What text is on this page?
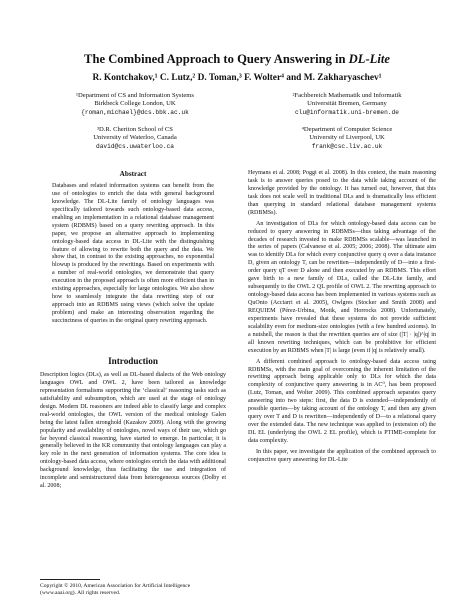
The Combined Approach to Query Answering in DL-Lite
R. Kontchakov,¹ C. Lutz,² D. Toman,³ F. Wolter⁴ and M. Zakharyaschev¹
¹Department of CS and Information Systems
Birkbeck College London, UK
{roman,michael}@dcs.bbk.ac.uk
²Fachbereich Mathematik und Informatik
Universität Bremen, Germany
clu@informatik.uni-bremen.de
³D.R. Cheriton School of CS
University of Waterloo, Canada
david@cs.uwaterloo.ca
⁴Department of Computer Science
University of Liverpool, UK
frank@csc.liv.ac.uk
Abstract

Databases and related information systems can benefit from the use of ontologies to enrich the data with general background knowledge. The DL-Lite family of ontology languages was specifically tailored towards such ontology-based data access, enabling an implementation in a relational database management system (RDBMS) based on a query rewriting approach. In this paper, we propose an alternative approach to implementing ontology-based data access in DL-Lite with the distinguishing feature of allowing to rewrite both the query and the data. We show that, in contrast to the existing approaches, no exponential blowup is produced by the rewritings. Based on experiments with a number of real-world ontologies, we demonstrate that query execution in the proposed approach is often more efficient than in existing approaches, especially for large ontologies. We also show how to seamlessly integrate the data rewriting step of our approach into an RDBMS using views (which solve the update problem) and make an interesting observation regarding the succinctness of queries in the original query rewriting approach.

Introduction

Description logics (DLs), as well as DL-based dialects of the Web ontology languages OWL and OWL 2, have been tailored as knowledge representation formalisms supporting the ‘classical’ reasoning tasks such as satisfiability and subsumption, which are used at the stage of ontology design. Modern DL reasoners are indeed able to classify large and complex real-world ontologies, the OWL version of the medical ontology Galen being the latest fallen stronghold (Kazakov 2009). Along with the growing popularity and availability of ontologies, novel ways of their use, which go far beyond classical reasoning, have started to emerge. In particular, it is generally believed in the KR community that ontology languages can play a key role in the next generation of information systems. The core idea is ontology-based data access, where ontologies enrich the data with additional background knowledge, thus facilitating the use and integration of incomplete and semistructured data from heterogeneous sources (Dolby et al. 2008;

Copyright © 2010, American Association for Artificial Intelligence (www.aaai.org). All rights reserved.

Heymans et al. 2008; Poggi et al. 2008). In this context, the main reasoning task is to answer queries posed to the data while taking account of the knowledge provided by the ontology. It has turned out, however, that this task does not scale well in traditional DLs and is dramatically less efficient than querying in standard relational database management systems (RDBMSs).

An investigation of DLs for which ontology-based data access can be reduced to query answering in RDBMSs—thus taking advantage of the decades of research invested to make RDBMSs scalable—was launched in the series of papers (Calvanese et al. 2005; 2006; 2008). The ultimate aim was to identify DLs for which every conjunctive query q over a data instance D, given an ontology T, can be rewritten—independently of D—into a first-order query qT over D alone and then executed by an RDBMS. This effort gave birth to a new family of DLs, called the DL-Lite family, and subsequently to the OWL 2 QL profile of OWL 2. The rewriting approach to ontology-based data access has been implemented in various systems such as QuOnto (Acciarri et al. 2005), Owlgres (Stocker and Smith 2008) and REQUIEM (Pérez-Urbina, Motik, and Horrocks 2008). Unfortunately, experiments have revealed that these systems do not provide sufficient scalability even for medium-size ontologies (with a few hundred axioms). In a nutshell, the reason is that the rewritten queries are of size (|T| · |q|)^|q| in all known rewriting techniques, which can be prohibitive for efficient execution by an RDBMS when |T| is large (even if |q| is relatively small).

A different combined approach to ontology-based data access using RDBMSs, with the main goal of overcoming the inherent limitation of the rewriting approach being applicable only to DLs for which the data complexity of conjunctive query answering is in AC⁰, has been proposed (Lutz, Toman, and Wolter 2009). This combined approach separates query answering into two steps: first, the data D is extended—independently of possible queries—by taking account of the ontology T, and then any given query over T and D is rewritten—independently of D—to a relational query over the extended data. The new technique was applied to (extension of) the DL EL (underlying the OWL 2 EL profile), which is PTIME-complete for data complexity.

In this paper, we investigate the application of the combined approach to conjunctive query answering for DL-Lite
